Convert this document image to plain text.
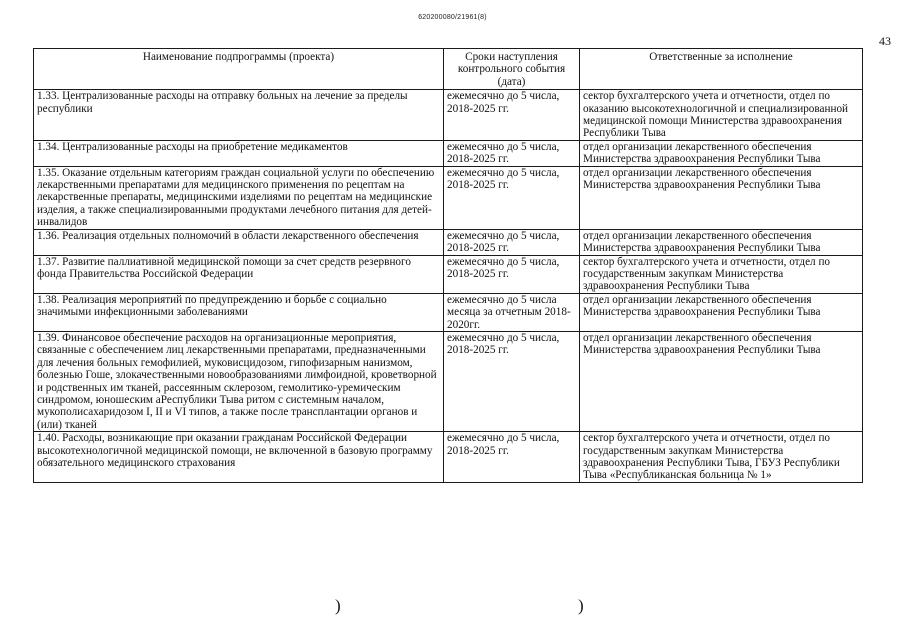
620200080/21961(8)
43
Наименование подпрограммы (проекта)	Сроки наступления контрольного события (дата)	Ответственные за исполнение
1.33. Централизованные расходы на отправку больных на лечение за пределы республики	ежемесячно до 5 числа, 2018-2025 гг.	сектор бухгалтерского учета и отчетности, отдел по оказанию высокотехнологичной и специализированной медицинской помощи Министерства здравоохранения Республики Тыва
1.34. Централизованные расходы на приобретение медикаментов	ежемесячно до 5 числа, 2018-2025 гг.	отдел организации лекарственного обеспечения Министерства здравоохранения Республики Тыва
1.35. Оказание отдельным категориям граждан социальной услуги по обеспечению лекарственными препаратами для медицинского применения по рецептам на лекарственные препараты, медицинскими изделиями по рецептам на медицинские изделия, а также специализированными продуктами лечебного питания для детей-инвалидов	ежемесячно до 5 числа, 2018-2025 гг.	отдел организации лекарственного обеспечения Министерства здравоохранения Республики Тыва
1.36. Реализация отдельных полномочий в области лекарственного обеспечения	ежемесячно до 5 числа, 2018-2025 гг.	отдел организации лекарственного обеспечения Министерства здравоохранения Республики Тыва
1.37. Развитие паллиативной медицинской помощи за счет средств резервного фонда Правительства Российской Федерации	ежемесячно до 5 числа, 2018-2025 гг.	сектор бухгалтерского учета и отчетности, отдел по государственным закупкам Министерства здравоохранения Республики Тыва
1.38. Реализация мероприятий по предупреждению и борьбе с социально значимыми инфекционными заболеваниями	ежемесячно до 5 числа месяца за отчетным 2018-2020гг.	отдел организации лекарственного обеспечения Министерства здравоохранения Республики Тыва
1.39. Финансовое обеспечение расходов на организационные мероприятия, связанные с обеспечением лиц лекарственными препаратами, предназначенными для лечения больных гемофилией, муковисцидозом, гипофизарным нанизмом, болезнью Гоше, злокачественными новообразованиями лимфоидной, кроветворной и родственных им тканей, рассеянным склерозом, гемолитико-уремическим синдромом, юношеским аРеспублики Тыва ритом с системным началом, мукополисахаридозом I, II и VI типов, а также после трансплантации органов и (или) тканей	ежемесячно до 5 числа, 2018-2025 гг.	отдел организации лекарственного обеспечения Министерства здравоохранения Республики Тыва
1.40. Расходы, возникающие при оказании гражданам Российской Федерации высокотехнологичной медицинской помощи, не включенной в базовую программу обязательного медицинского страхования	ежемесячно до 5 числа, 2018-2025 гг.	сектор бухгалтерского учета и отчетности, отдел по государственным закупкам Министерства здравоохранения Республики Тыва, ГБУЗ Республики Тыва «Республиканская больница № 1»
)	)
